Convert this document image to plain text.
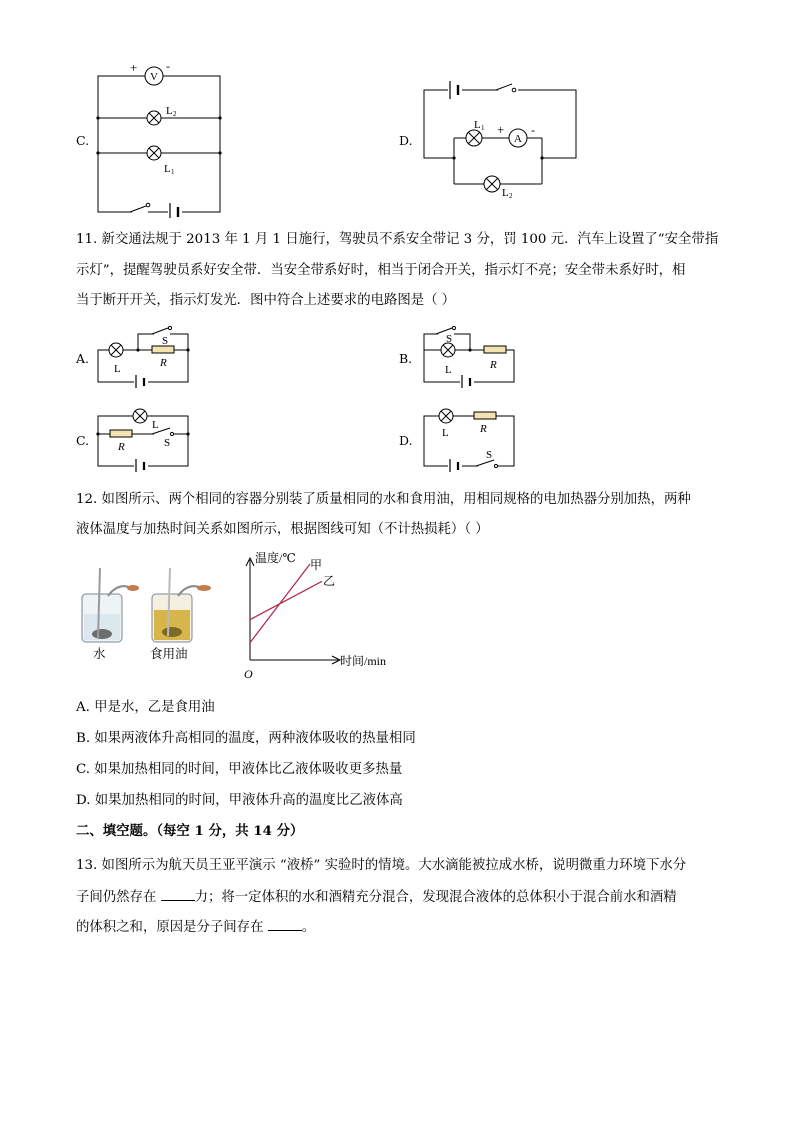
C.
V
+ -
L 2
L 1
D.	A
+ -
L 1
L 2
11. 新交通法规于 2013 年 1 月 1 日施行，驾驶员不系安全带记 3 分，罚 100 元．汽车上设置了“安全带指
示灯”，提醒驾驶员系好安全带．当安全带系好时，相当于闭合开关，指示灯不亮；安全带未系好时，相
当于断开开关，指示灯发光．图中符合上述要求的电路图是（ ）
A.
S
R
L
B.
S
R
L
C.
L
S
R	D.	L	R
S
12. 如图所示、两个相同的容器分别装了质量相同的水和食用油，用相同规格的电加热器分别加热，两种
液体温度与加热时间关系如图所示，根据图线可知（不计热损耗）（ ）
水	食用油
温度/℃
时间/min
O
甲
乙
A. 甲是水，乙是食用油
B. 如果两液体升高相同的温度，两种液体吸收的热量相同
C. 如果加热相同的时间，甲液体比乙液体吸收更多热量
D. 如果加热相同的时间，甲液体升高的温度比乙液体高
二、填空题。（每空 1 分，共 14 分）
13. 如图所示为航天员王亚平演示 “液桥” 实验时的情境。大水滴能被拉成水桥，说明微重力环境下水分
子间仍然存在	力；将一定体积的水和酒精充分混合，发现混合液体的总体积小于混合前水和酒精
的体积之和，原因是分子间存在	。
